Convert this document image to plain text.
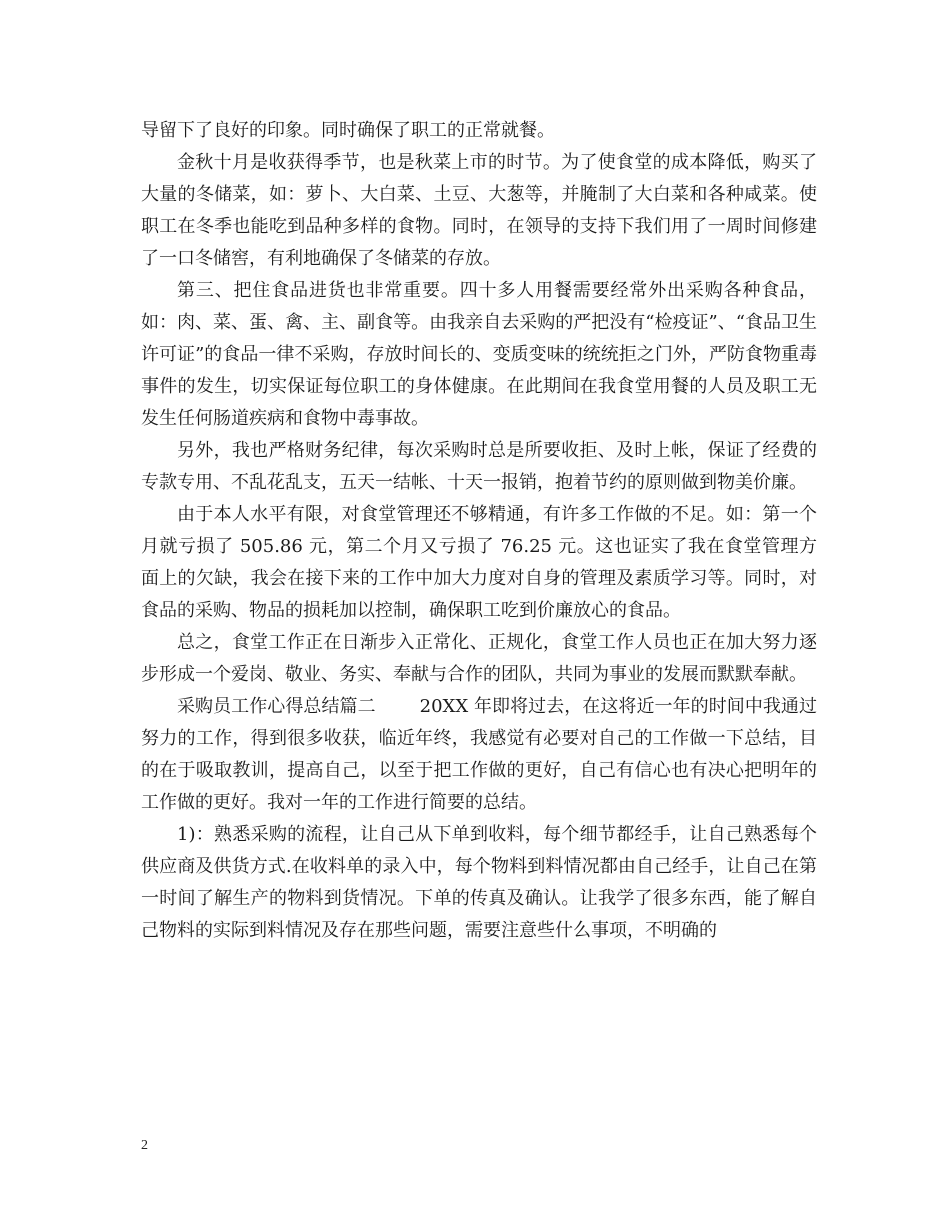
导留下了良好的印象。同时确保了职工的正常就餐。

金秋十月是收获得季节，也是秋菜上市的时节。为了使食堂的成本降低，购买了大量的冬储菜，如：萝卜、大白菜、土豆、大葱等，并腌制了大白菜和各种咸菜。使职工在冬季也能吃到品种多样的食物。同时，在领导的支持下我们用了一周时间修建了一口冬储窖，有利地确保了冬储菜的存放。

第三、把住食品进货也非常重要。四十多人用餐需要经常外出采购各种食品，如：肉、菜、蛋、禽、主、副食等。由我亲自去采购的严把没有“检疫证”、“食品卫生许可证”的食品一律不采购，存放时间长的、变质变味的统统拒之门外，严防食物重毒事件的发生，切实保证每位职工的身体健康。在此期间在我食堂用餐的人员及职工无发生任何肠道疾病和食物中毒事故。

另外，我也严格财务纪律，每次采购时总是所要收拒、及时上帐，保证了经费的专款专用、不乱花乱支，五天一结帐、十天一报销，抱着节约的原则做到物美价廉。

由于本人水平有限，对食堂管理还不够精通，有许多工作做的不足。如：第一个月就亏损了 505.86 元，第二个月又亏损了 76.25 元。这也证实了我在食堂管理方面上的欠缺，我会在接下来的工作中加大力度对自身的管理及素质学习等。同时，对食品的采购、物品的损耗加以控制，确保职工吃到价廉放心的食品。

总之，食堂工作正在日渐步入正常化、正规化，食堂工作人员也正在加大努力逐步形成一个爱岗、敬业、务实、奉献与合作的团队，共同为事业的发展而默默奉献。

采购员工作心得总结篇二 20XX 年即将过去，在这将近一年的时间中我通过努力的工作，得到很多收获，临近年终，我感觉有必要对自己的工作做一下总结，目的在于吸取教训，提高自己，以至于把工作做的更好，自己有信心也有决心把明年的工作做的更好。我对一年的工作进行简要的总结。

1)：熟悉采购的流程，让自己从下单到收料，每个细节都经手，让自己熟悉每个供应商及供货方式.在收料单的录入中，每个物料到料情况都由自己经手，让自己在第一时间了解生产的物料到货情况。下单的传真及确认。让我学了很多东西，能了解自己物料的实际到料情况及存在那些问题，需要注意些什么事项，不明确的

2
